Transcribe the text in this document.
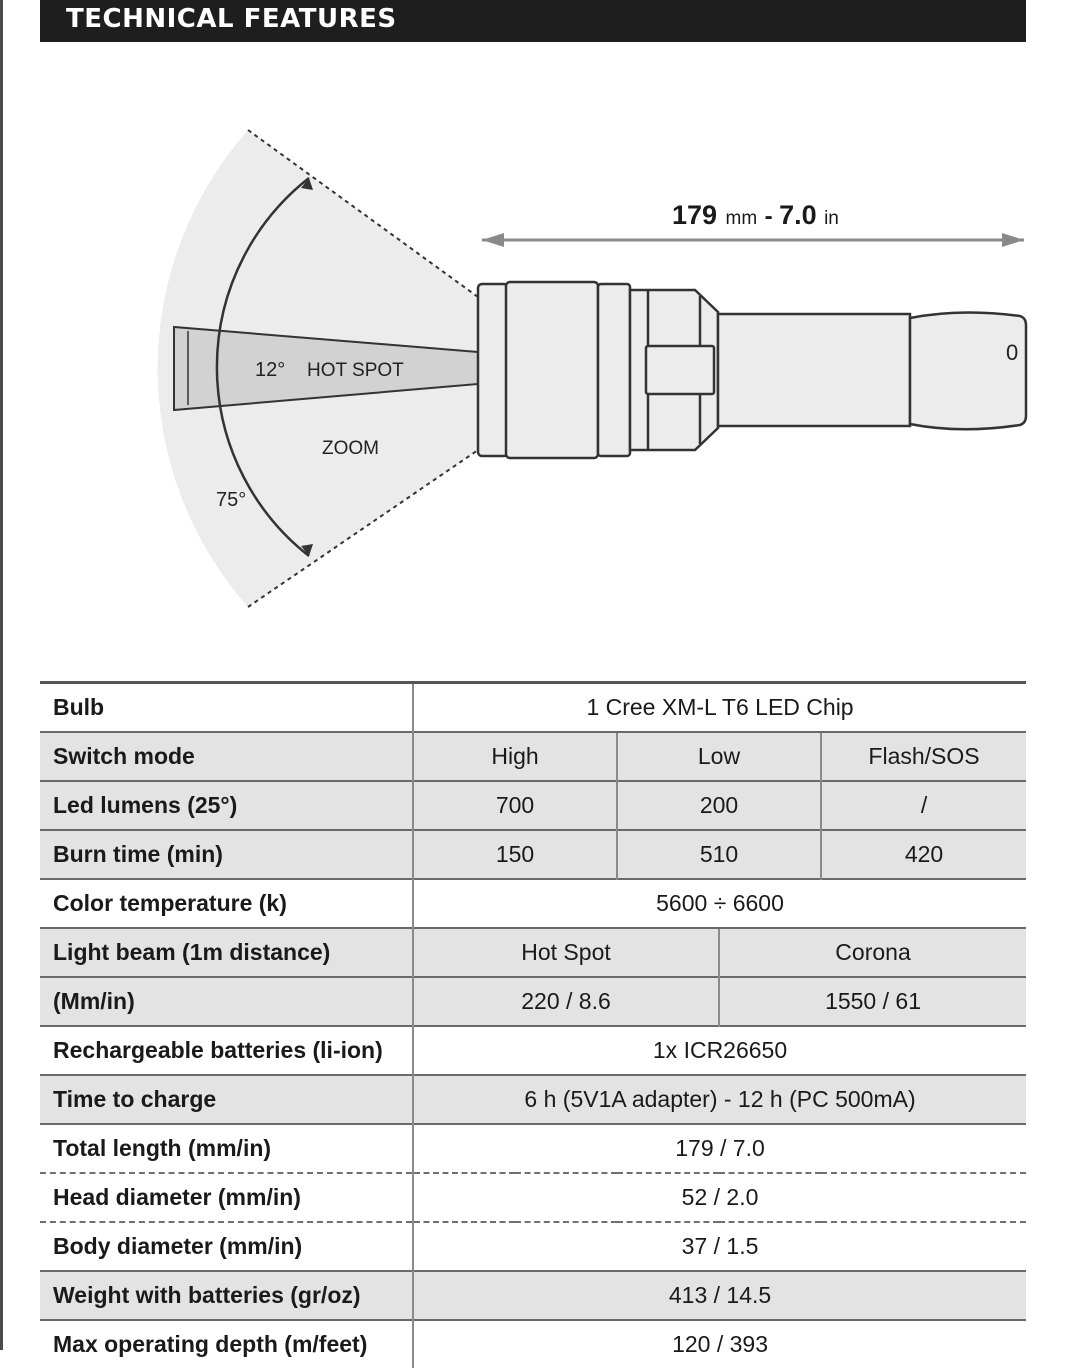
TECHNICAL FEATURES
12° HOT SPOT
ZOOM
75°
179 mm - 7.0 in
0
Bulb	1 Cree XM-L T6 LED Chip			
Switch mode	High	Low		Flash/SOS
Led lumens (25°)	700	200		/
Burn time (min)	150	510		420
Color temperature (k)	5600 ÷ 6600			
Light beam (1m distance)	Hot Spot		Corona	
(Mm/in)	220 / 8.6		1550 / 61	
Rechargeable batteries (li-ion)	1x ICR26650			
Time to charge	6 h (5V1A adapter) - 12 h (PC 500mA)			
Total length (mm/in)	179 / 7.0			
Head diameter (mm/in)	52 / 2.0			
Body diameter (mm/in)	37 / 1.5			
Weight with batteries (gr/oz)	413 / 14.5			
Max operating depth (m/feet)	120 / 393			
